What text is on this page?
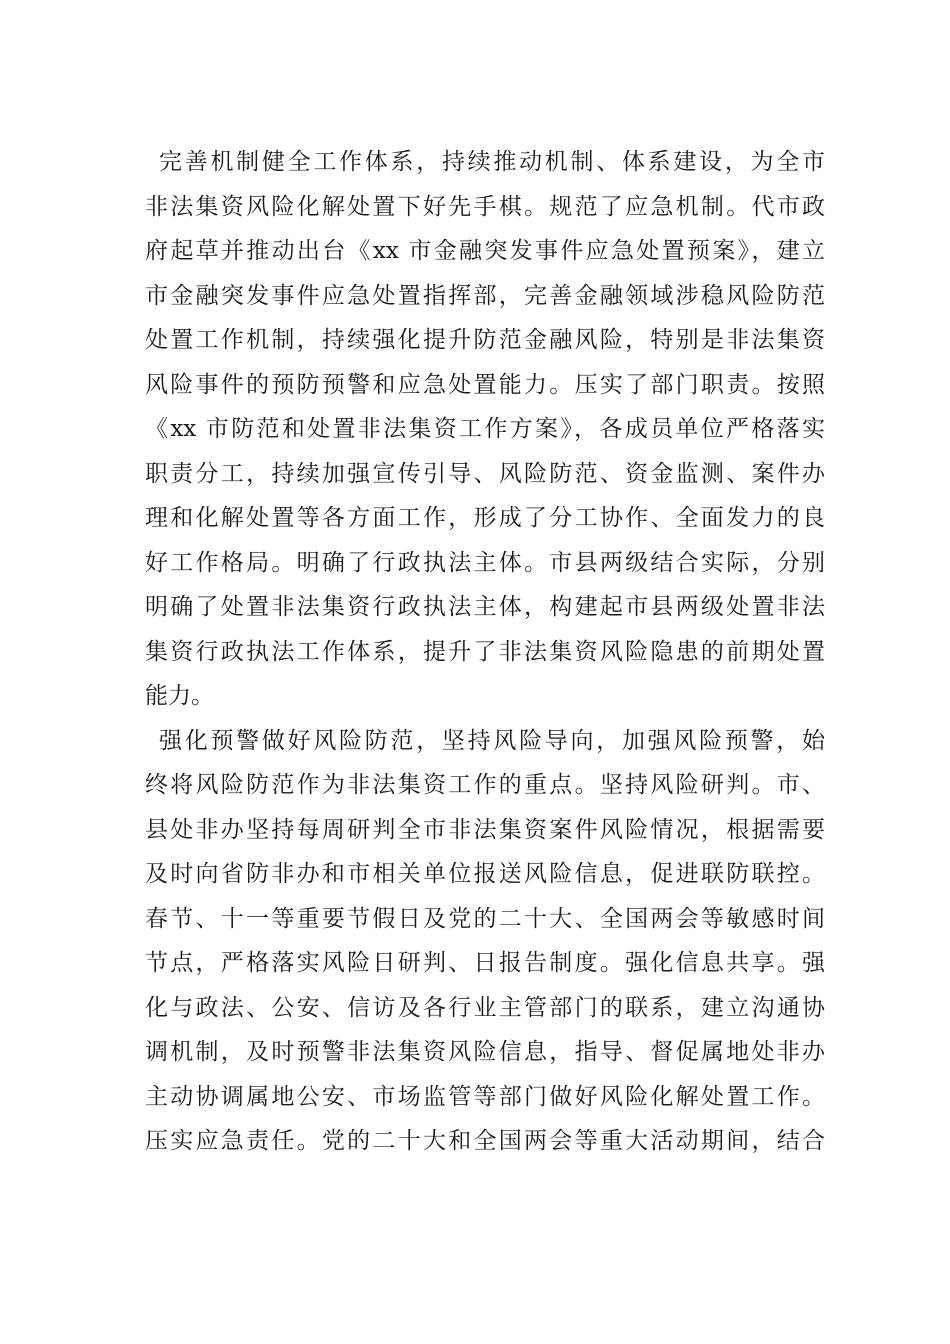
完善机制健全工作体系，持续推动机制、体系建设，为全市
非法集资风险化解处置下好先手棋。规范了应急机制。代市政
府起草并推动出台《xx 市金融突发事件应急处置预案》，建立
市金融突发事件应急处置指挥部，完善金融领域涉稳风险防范
处置工作机制，持续强化提升防范金融风险，特别是非法集资
风险事件的预防预警和应急处置能力。压实了部门职责。按照
《xx 市防范和处置非法集资工作方案》，各成员单位严格落实
职责分工，持续加强宣传引导、风险防范、资金监测、案件办
理和化解处置等各方面工作，形成了分工协作、全面发力的良
好工作格局。明确了行政执法主体。市县两级结合实际，分别
明确了处置非法集资行政执法主体，构建起市县两级处置非法
集资行政执法工作体系，提升了非法集资风险隐患的前期处置
能力。
强化预警做好风险防范，坚持风险导向，加强风险预警，始
终将风险防范作为非法集资工作的重点。坚持风险研判。市、
县处非办坚持每周研判全市非法集资案件风险情况，根据需要
及时向省防非办和市相关单位报送风险信息，促进联防联控。
春节、十一等重要节假日及党的二十大、全国两会等敏感时间
节点，严格落实风险日研判、日报告制度。强化信息共享。强
化与政法、公安、信访及各行业主管部门的联系，建立沟通协
调机制，及时预警非法集资风险信息，指导、督促属地处非办
主动协调属地公安、市场监管等部门做好风险化解处置工作。
压实应急责任。党的二十大和全国两会等重大活动期间，结合
